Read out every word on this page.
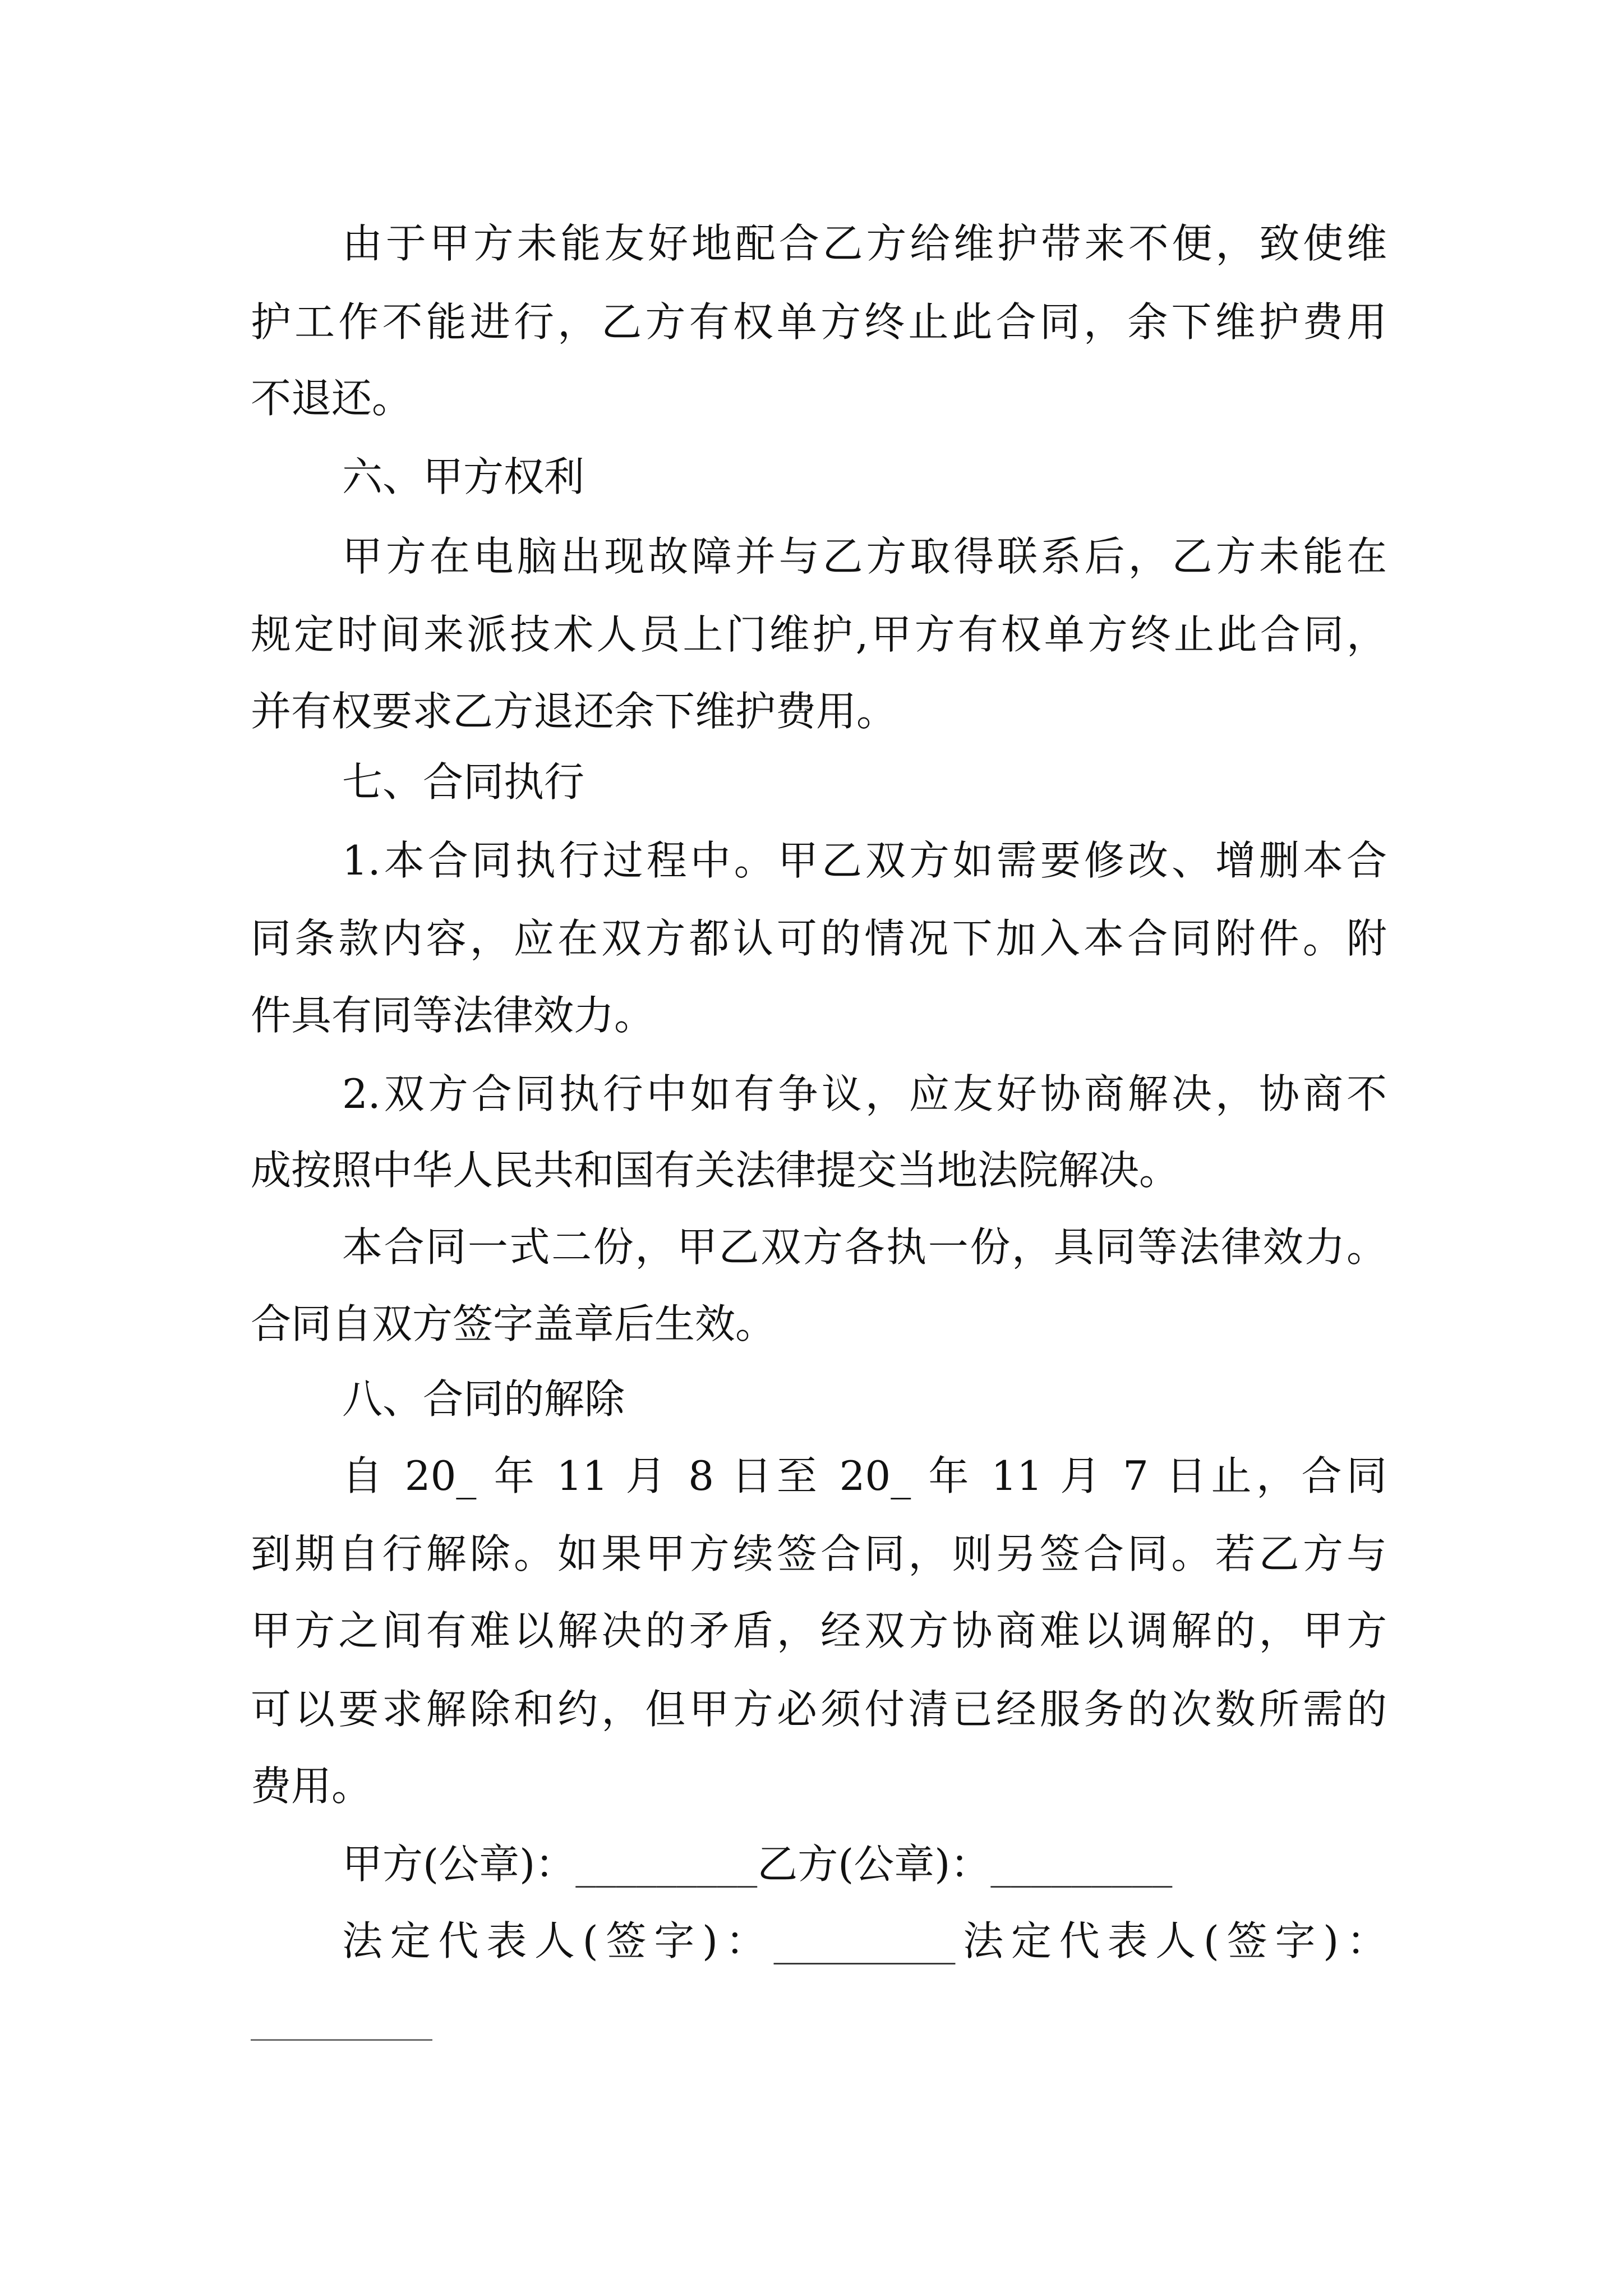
由于甲方未能友好地配合乙方给维护带来不便，致使维
护工作不能进行，乙方有权单方终止此合同，余下维护费用
不退还。
六、甲方权利
甲方在电脑出现故障并与乙方取得联系后，乙方未能在
规定时间来派技术人员上门维护,甲方有权单方终止此合同，
并有权要求乙方退还余下维护费用。
七、合同执行
1.本合同执行过程中。甲乙双方如需要修改、增删本合
同条款内容，应在双方都认可的情况下加入本合同附件。附
件具有同等法律效力。
2.双方合同执行中如有争议，应友好协商解决，协商不
成按照中华人民共和国有关法律提交当地法院解决。
本合同一式二份，甲乙双方各执一份，具同等法律效力。
合同自双方签字盖章后生效。
八、合同的解除
自 20_ 年 11 月 8 日至 20_ 年 11 月 7 日止，合同
到期自行解除。如果甲方续签合同，则另签合同。若乙方与
甲方之间有难以解决的矛盾，经双方协商难以调解的，甲方
可以要求解除和约，但甲方必须付清已经服务的次数所需的
费用。
甲方(公章)：_________乙方(公章)：_________
法定代表人(签字)：_________法定代表人(签字)：
_________
